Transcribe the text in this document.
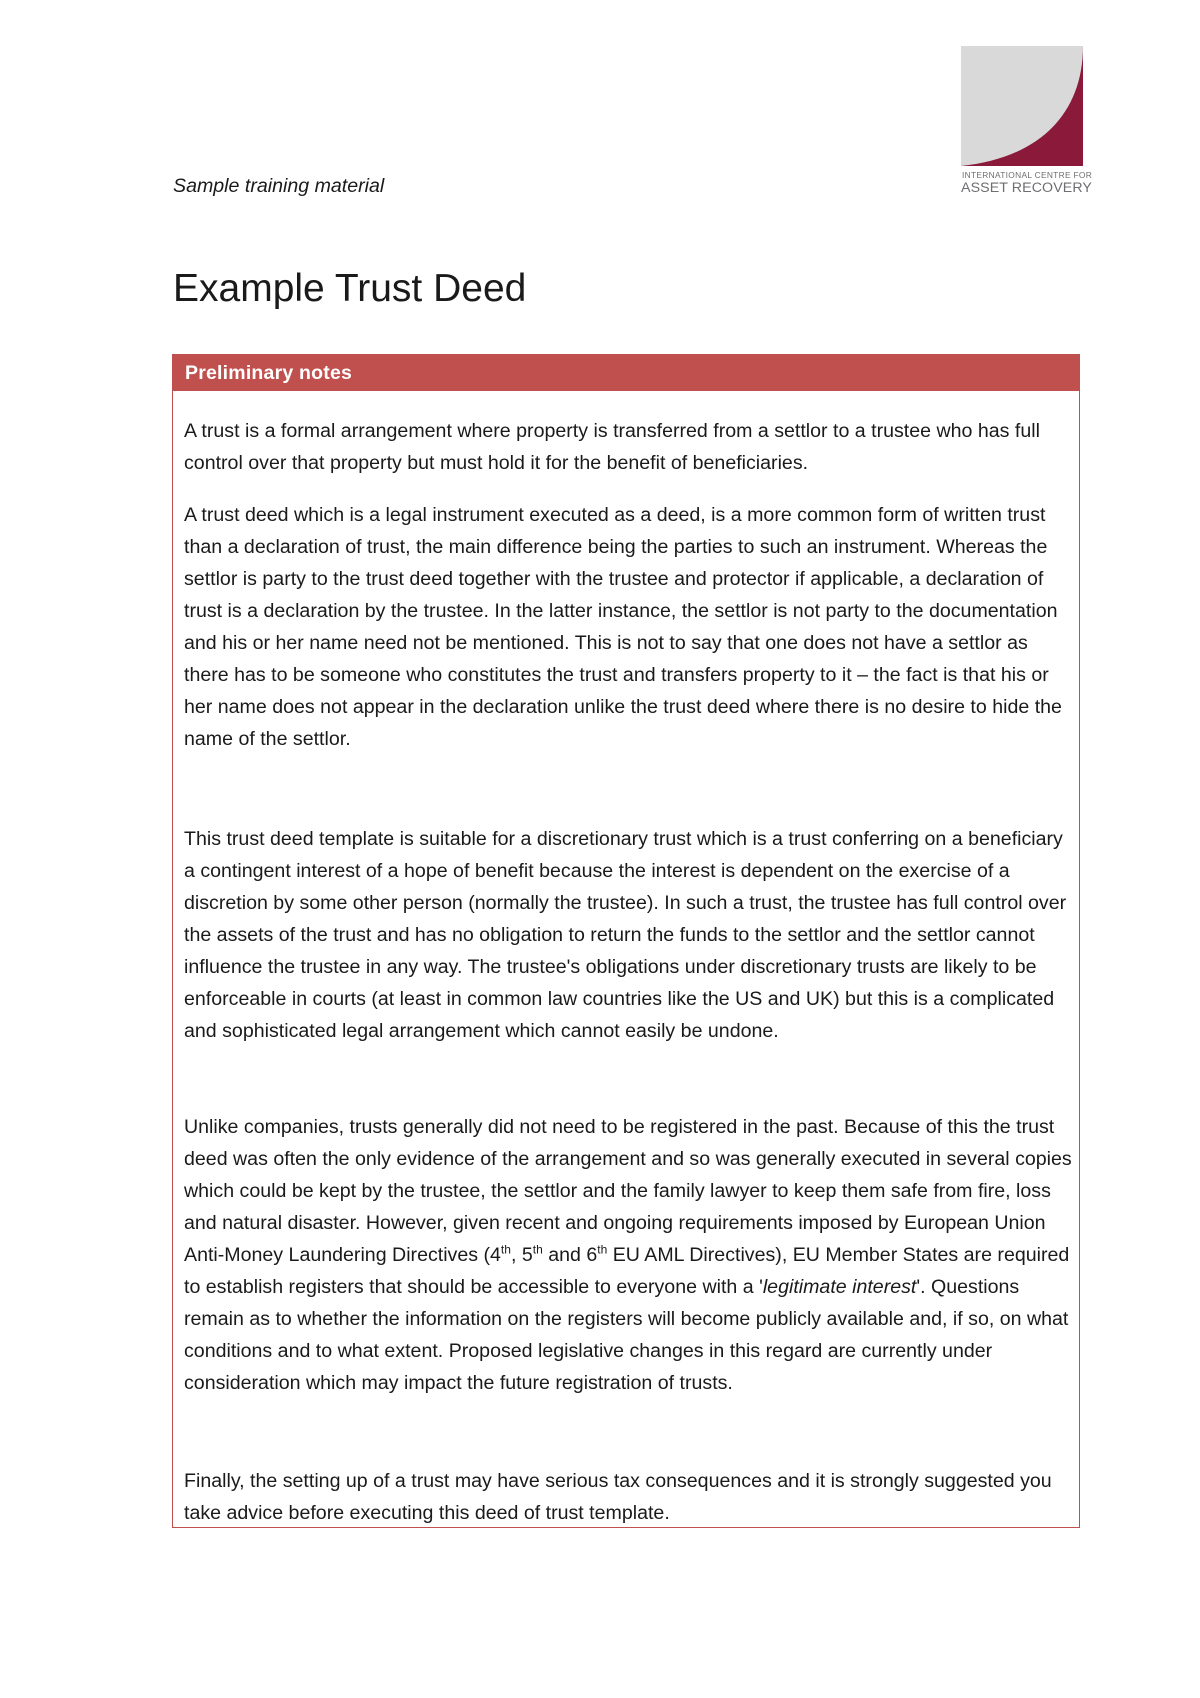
INTERNATIONAL CENTRE FOR
ASSET RECOVERY
Sample training material
Example Trust Deed
Preliminary notes

A trust is a formal arrangement where property is transferred from a settlor to a trustee who has full control over that property but must hold it for the benefit of beneficiaries.

A trust deed which is a legal instrument executed as a deed, is a more common form of written trust than a declaration of trust, the main difference being the parties to such an instrument. Whereas the settlor is party to the trust deed together with the trustee and protector if applicable, a declaration of trust is a declaration by the trustee. In the latter instance, the settlor is not party to the documentation and his or her name need not be mentioned. This is not to say that one does not have a settlor as there has to be someone who constitutes the trust and transfers property to it – the fact is that his or her name does not appear in the declaration unlike the trust deed where there is no desire to hide the name of the settlor.

This trust deed template is suitable for a discretionary trust which is a trust conferring on a beneficiary a contingent interest of a hope of benefit because the interest is dependent on the exercise of a discretion by some other person (normally the trustee). In such a trust, the trustee has full control over the assets of the trust and has no obligation to return the funds to the settlor and the settlor cannot influence the trustee in any way. The trustee's obligations under discretionary trusts are likely to be enforceable in courts (at least in common law countries like the US and UK) but this is a complicated and sophisticated legal arrangement which cannot easily be undone.

Unlike companies, trusts generally did not need to be registered in the past. Because of this the trust deed was often the only evidence of the arrangement and so was generally executed in several copies which could be kept by the trustee, the settlor and the family lawyer to keep them safe from fire, loss and natural disaster. However, given recent and ongoing requirements imposed by European Union Anti-Money Laundering Directives (4th, 5th and 6th EU AML Directives), EU Member States are required to establish registers that should be accessible to everyone with a 'legitimate interest'. Questions remain as to whether the information on the registers will become publicly available and, if so, on what conditions and to what extent. Proposed legislative changes in this regard are currently under consideration which may impact the future registration of trusts.

Finally, the setting up of a trust may have serious tax consequences and it is strongly suggested you take advice before executing this deed of trust template.
